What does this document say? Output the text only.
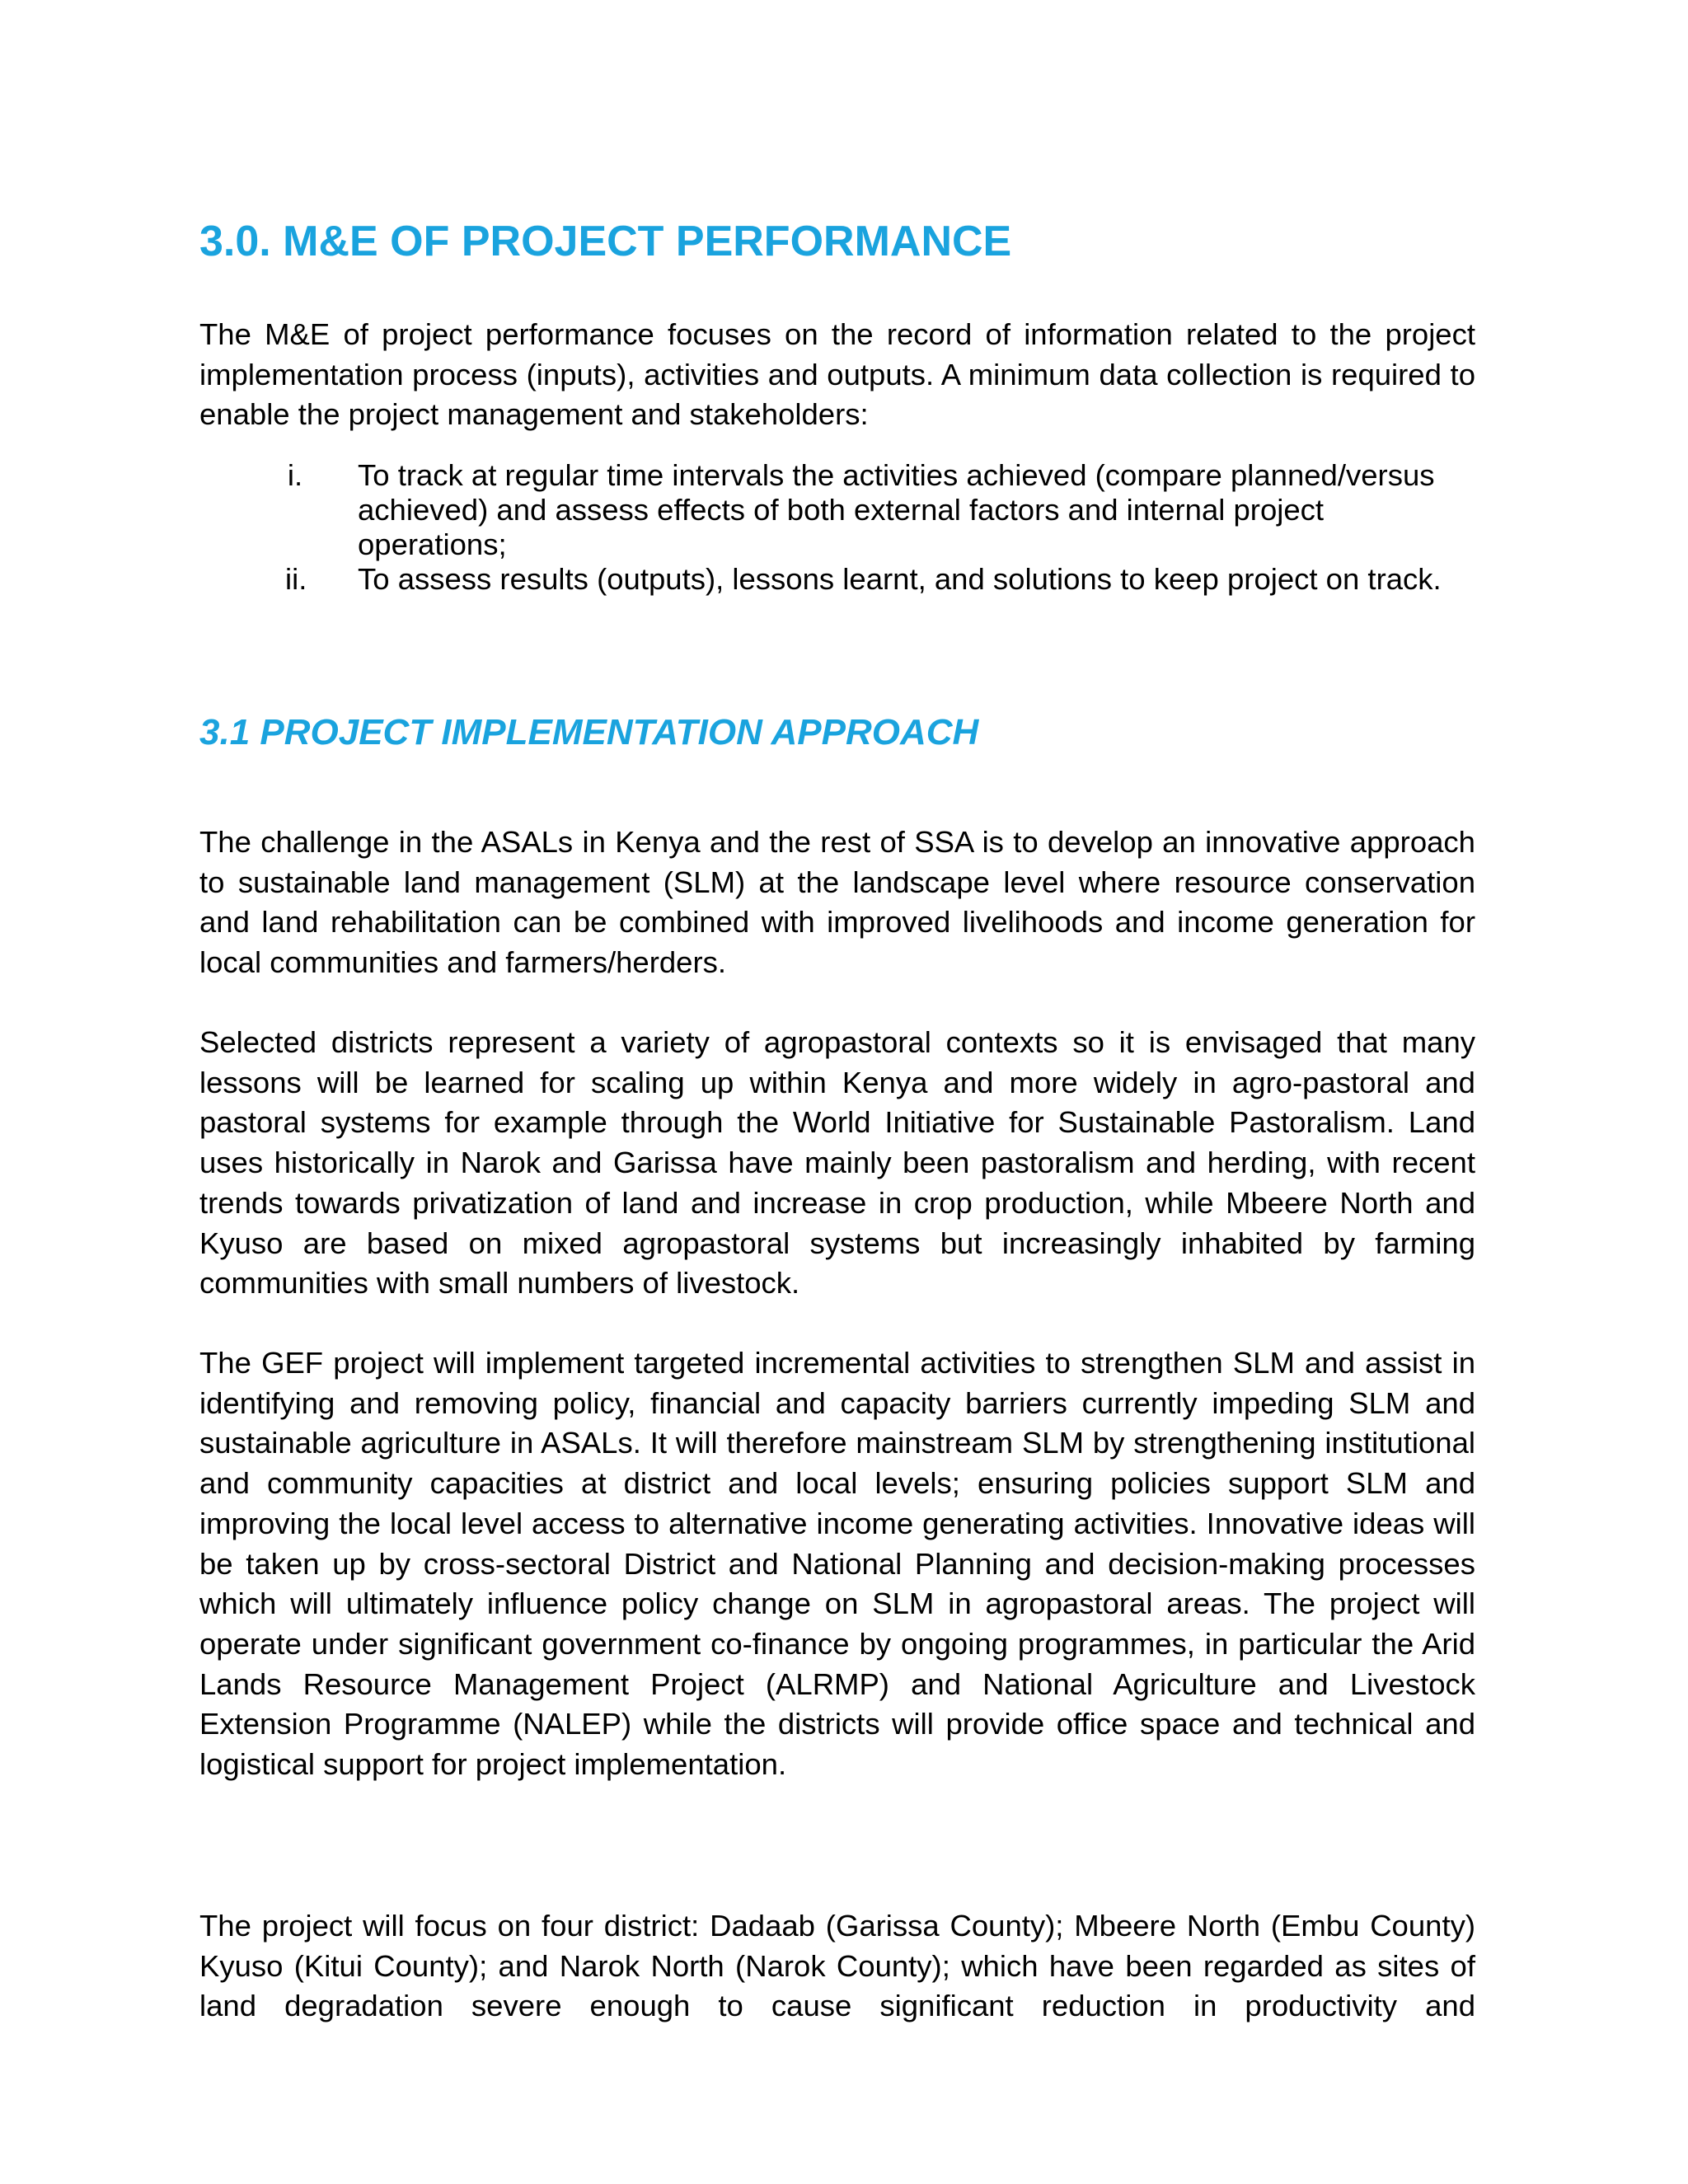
3.0. M&E OF PROJECT PERFORMANCE

The M&E of project performance focuses on the record of information related to the project implementation process (inputs), activities and outputs. A minimum data collection is required to enable the project management and stakeholders:

i. To track at regular time intervals the activities achieved (compare planned/versus achieved) and assess effects of both external factors and internal project operations;
ii. To assess results (outputs), lessons learnt, and solutions to keep project on track.
3.1 PROJECT IMPLEMENTATION APPROACH

The challenge in the ASALs in Kenya and the rest of SSA is to develop an innovative approach to sustainable land management (SLM) at the landscape level where resource conservation and land rehabilitation can be combined with improved livelihoods and income generation for local communities and farmers/herders.

Selected districts represent a variety of agropastoral contexts so it is envisaged that many lessons will be learned for scaling up within Kenya and more widely in agro-pastoral and pastoral systems for example through the World Initiative for Sustainable Pastoralism. Land uses historically in Narok and Garissa have mainly been pastoralism and herding, with recent trends towards privatization of land and increase in crop production, while Mbeere North and Kyuso are based on mixed agropastoral systems but increasingly inhabited by farming communities with small numbers of livestock.

The GEF project will implement targeted incremental activities to strengthen SLM and assist in identifying and removing policy, financial and capacity barriers currently impeding SLM and sustainable agriculture in ASALs. It will therefore mainstream SLM by strengthening institutional and community capacities at district and local levels; ensuring policies support SLM and improving the local level access to alternative income generating activities. Innovative ideas will be taken up by cross-sectoral District and National Planning and decision-making processes which will ultimately influence policy change on SLM in agropastoral areas. The project will operate under significant government co-finance by ongoing programmes, in particular the Arid Lands Resource Management Project (ALRMP) and National Agriculture and Livestock Extension Programme (NALEP) while the districts will provide office space and technical and logistical support for project implementation.

The project will focus on four district: Dadaab (Garissa County); Mbeere North (Embu County) Kyuso (Kitui County); and Narok North (Narok County); which have been regarded as sites of land degradation severe enough to cause significant reduction in productivity and
